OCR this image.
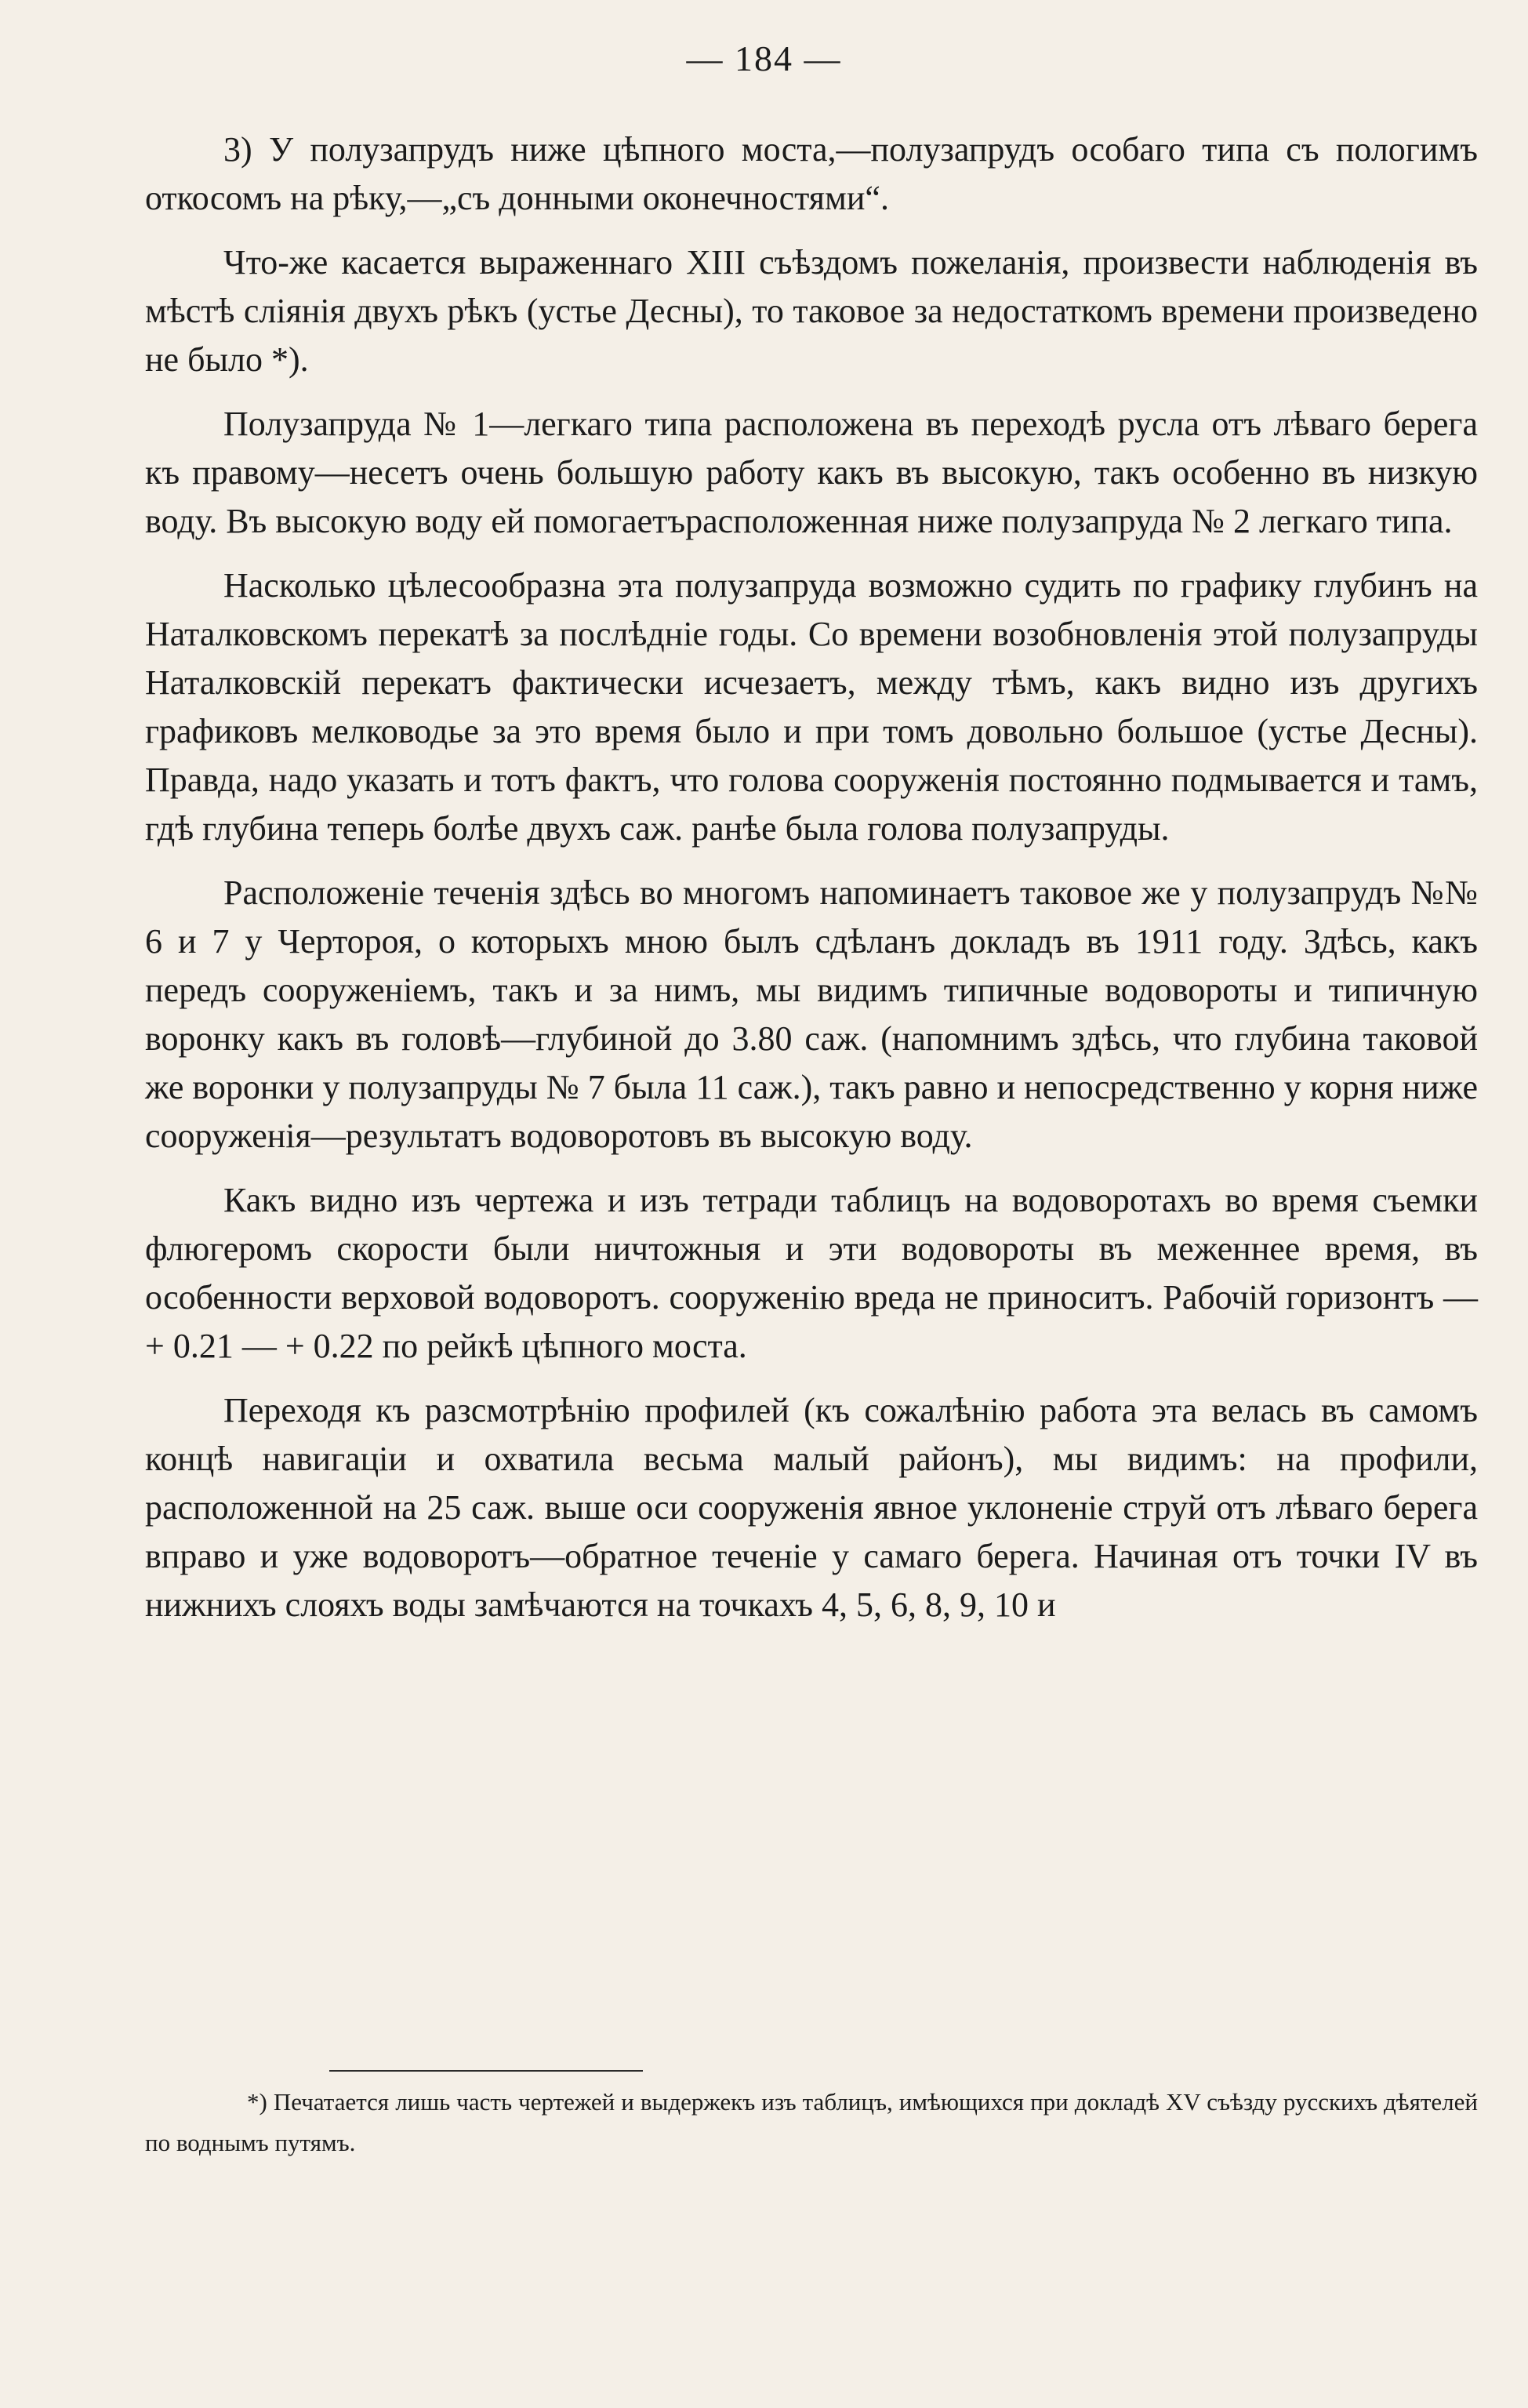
— 184 —

3) У полузапрудъ ниже цѣпного моста,—полузапрудъ особаго типа съ пологимъ откосомъ на рѣку,—„съ донными оконечностями“.

Что-же касается выраженнаго XIII съѣздомъ пожеланія, произвести наблюденія въ мѣстѣ сліянія двухъ рѣкъ (устье Десны), то таковое за недостаткомъ времени произведено не было *).

Полузапруда № 1—легкаго типа расположена въ переходѣ русла отъ лѣваго берега къ правому—несетъ очень большую работу какъ въ высокую, такъ особенно въ низкую воду. Въ высокую воду ей помогаетърасположенная ниже полузапруда № 2 легкаго типа.

Насколько цѣлесообразна эта полузапруда возможно судить по графику глубинъ на Наталковскомъ перекатѣ за послѣдніе годы. Со времени возобновленія этой полузапруды Наталковскій перекатъ фактически исчезаетъ, между тѣмъ, какъ видно изъ другихъ графиковъ мелководье за это время было и при томъ довольно большое (устье Десны). Правда, надо указать и тотъ фактъ, что голова сооруженія постоянно подмывается и тамъ, гдѣ глубина теперь болѣе двухъ саж. ранѣе была голова полузапруды.

Расположеніе теченія здѣсь во многомъ напоминаетъ таковое же у полузапрудъ №№ 6 и 7 у Чертороя, о которыхъ мною былъ сдѣланъ докладъ въ 1911 году. Здѣсь, какъ передъ сооруженіемъ, такъ и за нимъ, мы видимъ типичные водовороты и типичную воронку какъ въ головѣ—глубиной до 3.80 саж. (напомнимъ здѣсь, что глубина таковой же воронки у полузапруды № 7 была 11 саж.), такъ равно и непосредственно у корня ниже сооруженія—результатъ водоворотовъ въ высокую воду.

Какъ видно изъ чертежа и изъ тетради таблицъ на водоворотахъ во время съемки флюгеромъ скорости были ничтожныя и эти водовороты въ меженнее время, въ особенности верховой водоворотъ. сооруженію вреда не приноситъ. Рабочій горизонтъ — + 0.21 — + 0.22 по рейкѣ цѣпного моста.

Переходя къ разсмотрѣнію профилей (къ сожалѣнію работа эта велась въ самомъ концѣ навигаціи и охватила весьма малый районъ), мы видимъ: на профили, расположенной на 25 саж. выше оси сооруженія явное уклоненіе струй отъ лѣваго берега вправо и уже водоворотъ—обратное теченіе у самаго берега. Начиная отъ точки IV въ нижнихъ слояхъ воды замѣчаются на точкахъ 4, 5, 6, 8, 9, 10 и

*) Печатается лишь часть чертежей и выдержекъ изъ таблицъ, имѣющихся при докладѣ XV съѣзду русскихъ дѣятелей по воднымъ путямъ.
